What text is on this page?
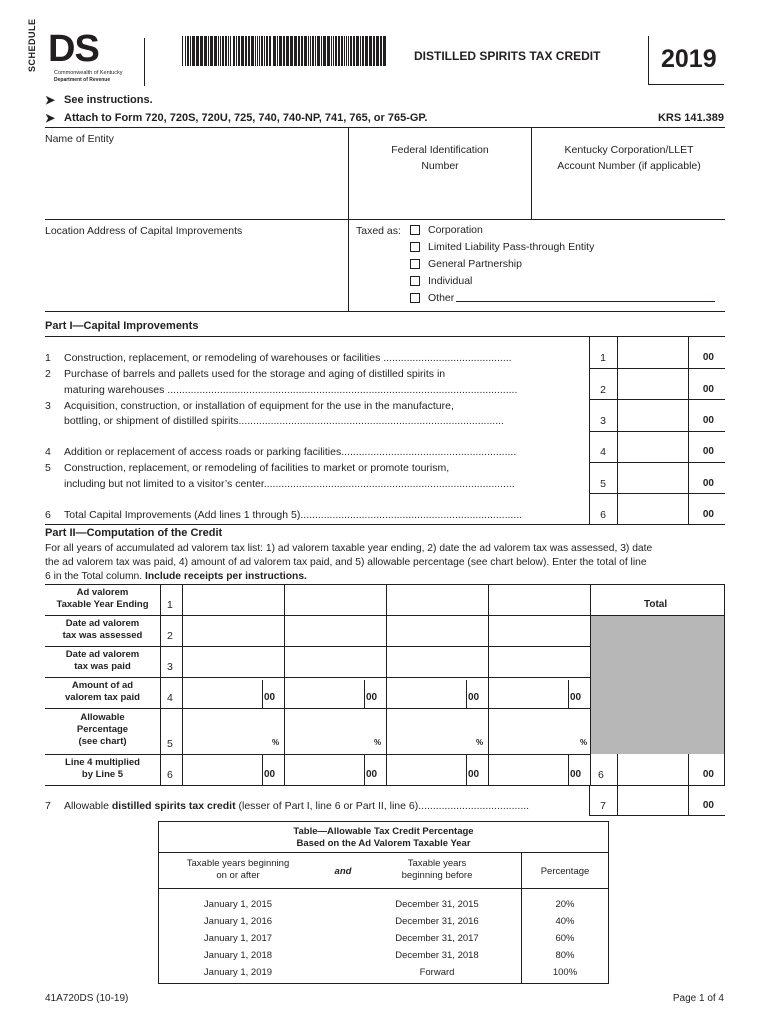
SCHEDULE DS
Commonwealth of Kentucky
Department of Revenue
DISTILLED SPIRITS TAX CREDIT 2019
➤ See instructions.
➤ Attach to Form 720, 720S, 720U, 725, 740, 740-NP, 741, 765, or 765-GP.	KRS 141.389
Name of Entity
Federal Identification
Number
Kentucky Corporation/LLET
Account Number (if applicable)
Location Address of Capital Improvements	Taxed as:	Corporation
Limited Liability Pass-through Entity
General Partnership
Individual
Other
Part I—Capital Improvements
1 Construction, replacement, or remodeling of warehouses or facilities ............................................
2 Purchase of barrels and pallets used for the storage and aging of distilled spirits in
maturing warehouses ........................................................................................................................
3 Acquisition, construction, or installation of equipment for the use in the manufacture,
bottling, or shipment of distilled spirits...........................................................................................
4 Addition or replacement of access roads or parking facilities............................................................
5 Construction, replacement, or remodeling of facilities to market or promote tourism,
including but not limited to a visitor’s center......................................................................................
6 Total Capital Improvements (Add lines 1 through 5)............................................................................
1	00
2	00
3	00
4	00
5	00
6	00
Part II—Computation of the Credit
For all years of accumulated ad valorem tax list: 1) ad valorem taxable year ending, 2) date the ad valorem tax was assessed, 3) date
the ad valorem tax was paid, 4) amount of ad valorem tax paid, and 5) allowable percentage (see chart below). Enter the total of line
6 in the Total column. Include receipts per instructions.
Total
Ad valorem
Taxable Year Ending	1
Date ad valorem
tax was assessed	2
Date ad valorem
tax was paid	3
Amount of ad
valorem tax paid	4
Allowable
Percentage
(see chart)	5
Line 4 multiplied
by Line 5	6
00	00	00	00
%	%	%	%
00	00	00	00 6	00
7 Allowable distilled spirits tax credit (lesser of Part I, line 6 or Part II, line 6)......................................	7	00
Table—Allowable Tax Credit Percentage
Based on the Ad Valorem Taxable Year
Taxable years beginning
on or after	and
Taxable years
beginning before	Percentage
January 1, 2015	December 31, 2015	20%
January 1, 2016	December 31, 2016	40%
January 1, 2017	December 31, 2017	60%
January 1, 2018	December 31, 2018	80%
January 1, 2019	Forward	100%
41A720DS (10-19)	Page 1 of 4
